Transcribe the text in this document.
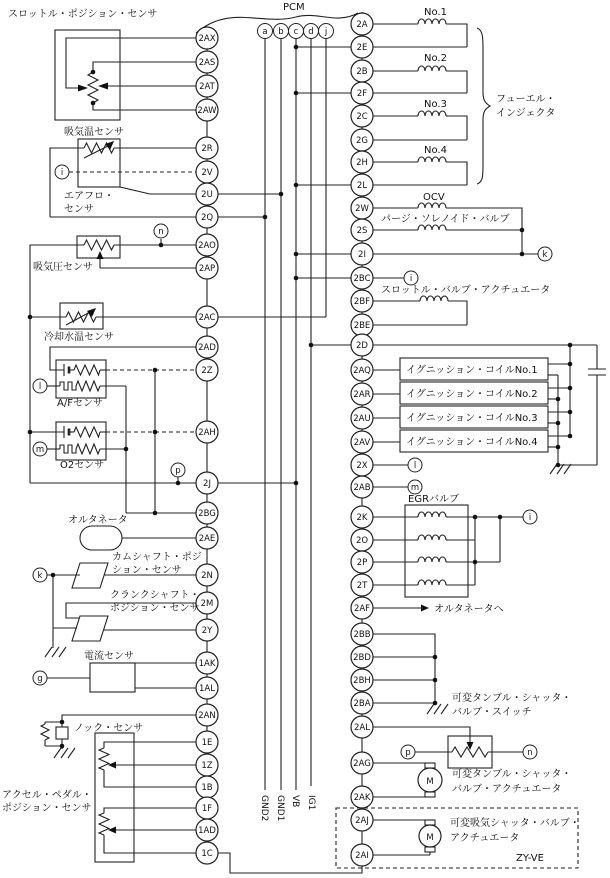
M
M
2AX
2AS
2AT
2AW
2R
2V
2U
2Q
2AO
2AP
2AC
2AD
2Z
2AH
2J
2BG
2AE
2N
2M
2Y
1AK
1AL
2AN
1E
1Z
1B
1F
1AD
1C
2A
2E
2B
2F
2C
2G
2H
2L
2W
2S
2I
2BC
2BF
2BE
2D
2AQ
2AR
2AU
2AV
2X
2AB
2K
2O
2P
2T
2AF
2BB
2BD
2BH
2BA
2AL
2AG
2AK
2AJ
2AI
a b c d j
i
n
l
m
p
k
g
k
i
l
m
i
p	n
スロットル・ポジション・センサ
吸気温センサ
エアフロ・
センサ
吸気圧センサ
冷却水温センサ
A/Fセンサ
O2センサ
オルタネータ
カムシャフト・ポジ
ション・センサ
クランクシャフト・
ポジション・センサ
電流センサ
ノック・センサ
アクセル・ペダル・
ポジション・センサ
No.1
No.2
No.3
No.4
フューエル・
インジェクタ
OCV
パージ・ソレノイド・バルブ
スロットル・バルブ・アクチュエータ
イグニッション・コイルNo.1
イグニッション・コイルNo.2
イグニッション・コイルNo.3
イグニッション・コイルNo.4
EGRバルブ
オルタネータへ
可変タンブル・シャッタ・
バルブ・スイッチ
可変タンブル・シャッタ・
バルブ・アクチュエータ
可変吸気シャッタ・バルブ・
アクチュエータ
GND2 GND1 VB IG1
PCM
ZY-VE
